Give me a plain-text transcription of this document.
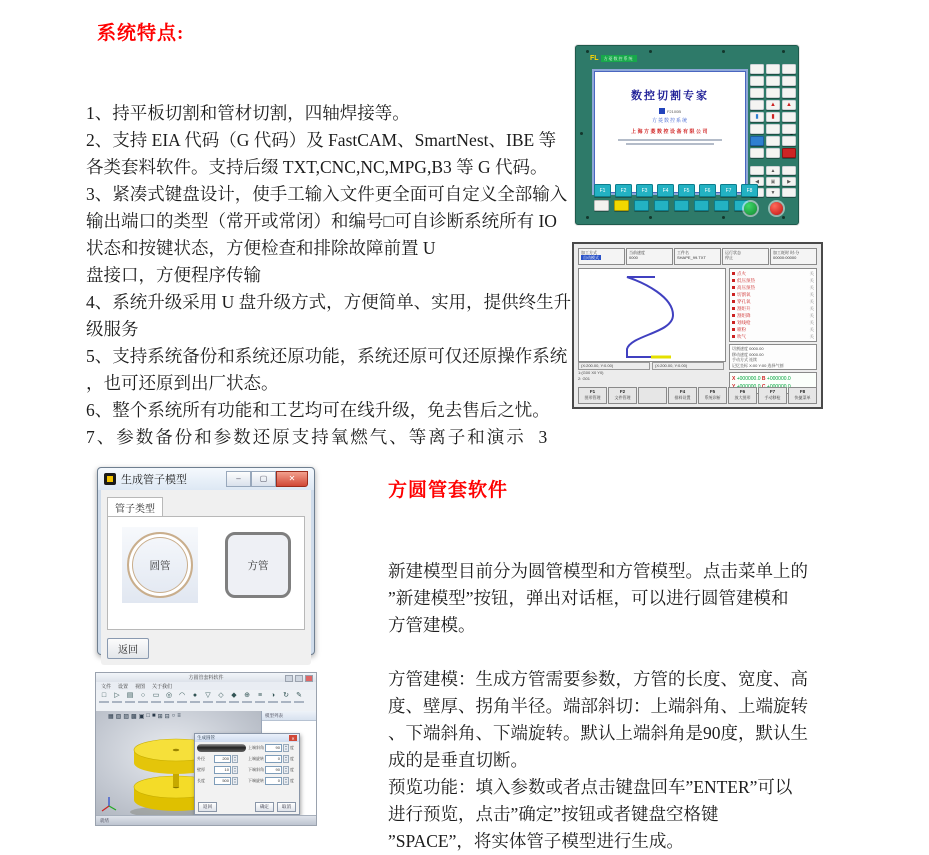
系统特点:

1、持平板切割和管材切割，四轴焊接等。
2、支持 EIA 代码（G 代码）及 FastCAM、SmartNest、IBE 等
各类套料软件。支持后缀 TXT,CNC,NC,MPG,B3 等 G 代码。
3、紧凑式键盘设计，使手工输入文件更全面可自定义全部输入
输出端口的类型（常开或常闭）和编号□可自诊断系统所有 IO
状态和按键状态，方便检查和排除故障前置 U
盘接口，方便程序传输
4、系统升级采用 U 盘升级方式，方便简单、实用，提供终生升
级服务
5、支持系统备份和系统还原功能，系统还原可仅还原操作系统
，也可还原到出厂状态。
6、整个系统所有功能和工艺均可在线升级，免去售后之忧。
7、参数备份和参数还原支持氧燃气、等离子和演示  3
FL	方菱数控系统
数控切割专家
F2100B
方菱数控系统
上海方菱数控设备有限公司
▲
▲
▮
▮
▲
◀
▣
▶
▼
F1	F2	F3	F4	F5	F6	F7	F8
加工方式
自动模式
当前速度
0000
工件名
SHAPE_99.TXT
运行状态
停止
加工耗时 时:分
00000:00000
点火	关
低压预热	关
高压预热	关
切割氧	关
穿孔氧	关
割炬升	关
割炬降	关
划线枪	关
喷粉	关
吹气	关
切割速度 0000.00
移动速度 0000.00
手动方式 连续
记忆坐标 X:00 Y:00 选择气割
X +000000.0 B +000000.0
(X:200.00, Y:0.00)	(X:200.00, Y:0.00)
1:(G00 X0 Y0)
2: G01
F1
图形管理
F2
文件管理
F4
排料设置
F5
系统诊断
F6
放大图形
F7
手动移枪
F8
快捷菜单
生成管子模型	–	▢	✕
管子类型
圆管	方管
返回
方圆管套软件

新建模型目前分为圆管模型和方管模型。点击菜单上的
”新建模型”按钮，弹出对话框，可以进行圆管建模和
方管建模。

方管建模：生成方管需要参数，方管的长度、宽度、高
度、壁厚、拐角半径。端部斜切：上端斜角、上端旋转
、下端斜角、下端旋转。默认上端斜角是90度，默认生
成的是垂直切断。

预览功能：填入参数或者点击键盘回车”ENTER”可以
进行预览，点击”确定”按钮或者键盘空格键
”SPACE”，将实体管子模型进行生成。
方圆管套料软件
文件 设置 视图 关于我们
□	▷	▤	○	▭ ◎ ◠	●	▽	◇	◆	⊕	≡	◑	↻	✎
▦ ▧ ▨ ▩ ▣ □ ■ ⊞ ⊟ ○ ≡	模型列表
生成圆管	✕
外径	200	▲
▼
壁厚	10	▲
▼
长度	500	▲
▼
上端斜角	90	▲
▼ 度
上端旋转	0	▲
▼ 度
下端斜角	90	▲
▼ 度
下端旋转	0	▲
▼ 度
返回	确定	取消
就绪
